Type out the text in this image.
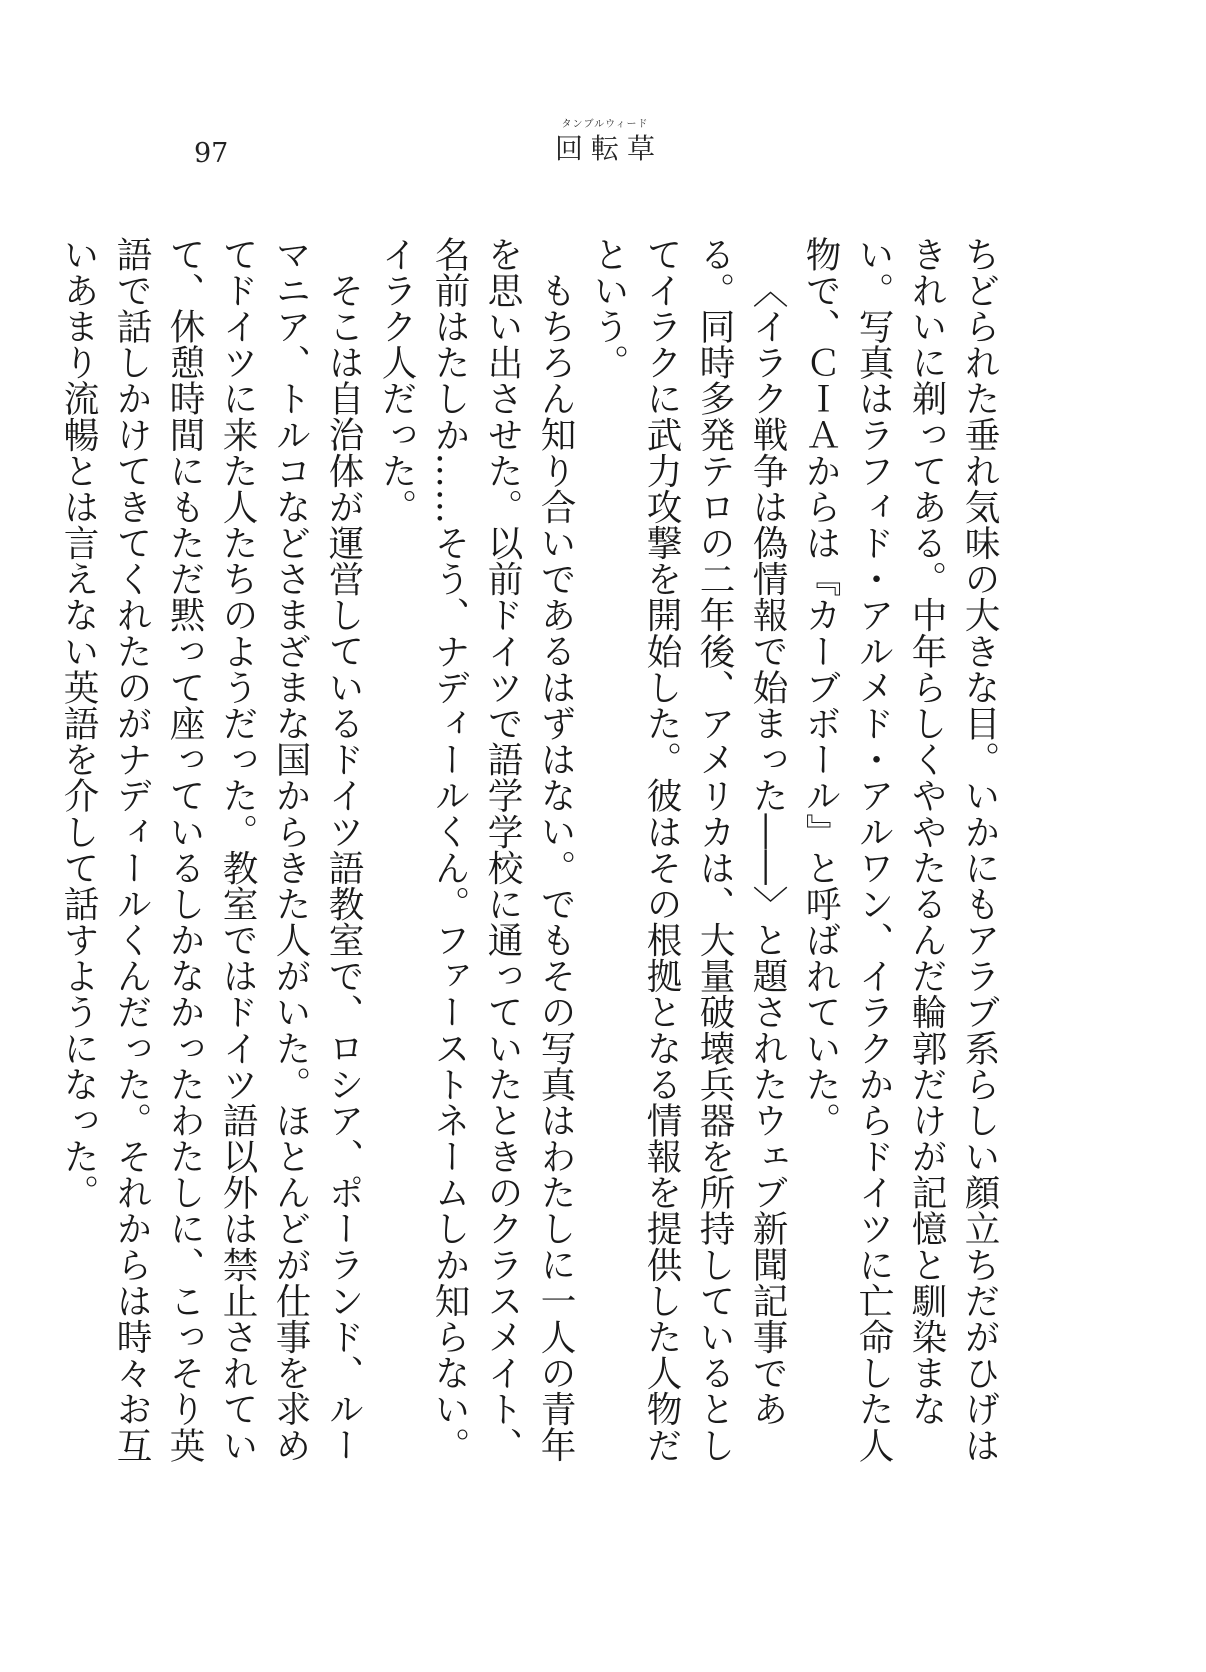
97
タンブルウィード
回転草

ちどられた垂れ気味の大きな目。いかにもアラブ系らしい顔立ちだがひげはきれいに剃ってある。中年らしくややたるんだ輪郭だけが記憶と馴染まない。写真はラフィド・アルメド・アルワン、イラクからドイツに亡命した人物で、ＣＩＡからは『カーブボール』と呼ばれていた。

〈イラク戦争は偽情報で始まった――〉と題されたウェブ新聞記事である。同時多発テロの二年後、アメリカは、大量破壊兵器を所持しているとしてイラクに武力攻撃を開始した。彼はその根拠となる情報を提供した人物だという。

もちろん知り合いであるはずはない。でもその写真はわたしに一人の青年を思い出させた。以前ドイツで語学学校に通っていたときのクラスメイト、名前はたしか……そう、ナディールくん。ファーストネームしか知らない。イラク人だった。

そこは自治体が運営しているドイツ語教室で、ロシア、ポーランド、ルーマニア、トルコなどさまざまな国からきた人がいた。ほとんどが仕事を求めてドイツに来た人たちのようだった。教室ではドイツ語以外は禁止されていて、休憩時間にもただ黙って座っているしかなかったわたしに、こっそり英語で話しかけてきてくれたのがナディールくんだった。それからは時々お互いあまり流暢とは言えない英語を介して話すようになった。
